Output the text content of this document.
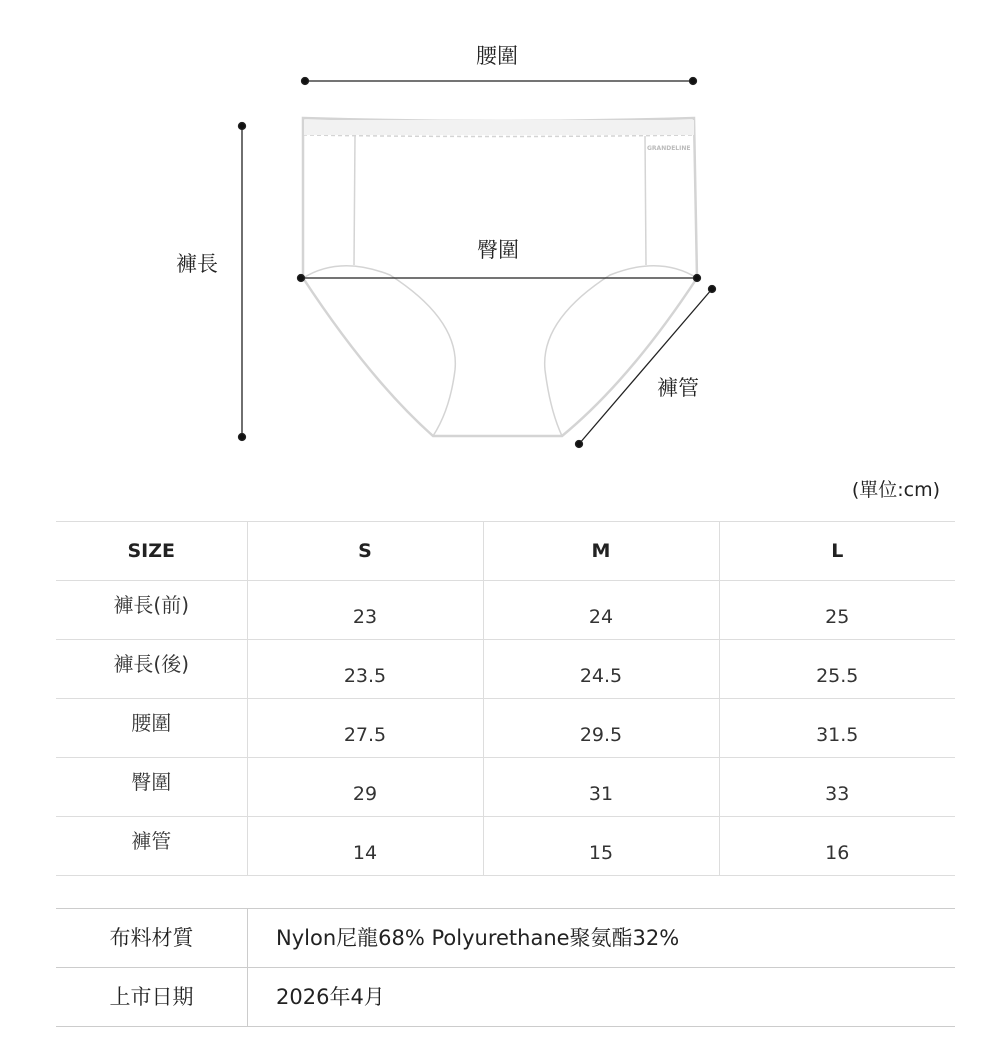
GRANDELINE
腰圍
褲長
臀圍
褲管
(單位:cm)
SIZE	S	M	L
褲長(前)	23	24	25
褲長(後)	23.5	24.5	25.5
腰圍	27.5	29.5	31.5
臀圍	29	31	33
褲管	14	15	16
布料材質	Nylon尼龍68% Polyurethane聚氨酯32%
上市日期	2026年4月
